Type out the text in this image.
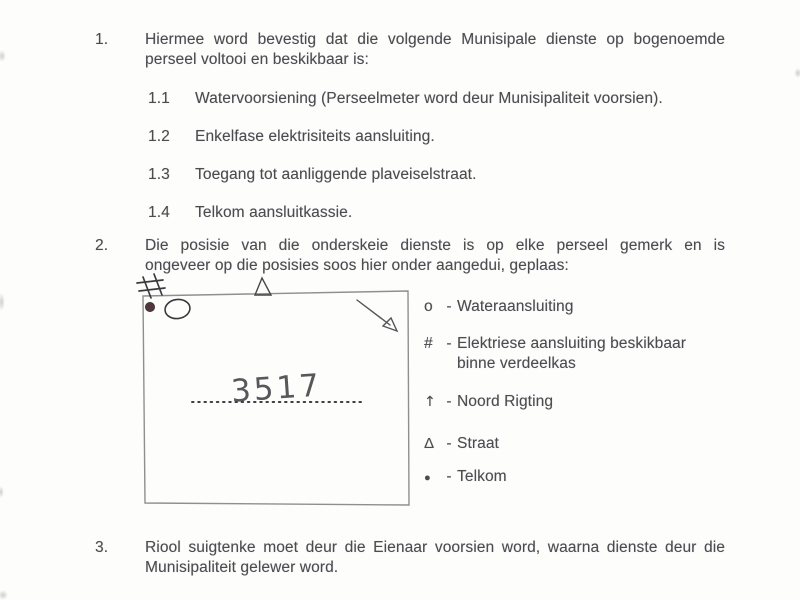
1.	Hiermee word bevestig dat die volgende Munisipale dienste op bogenoemde
perseel voltooi en beskikbaar is:
1.1	Watervoorsiening (Perseelmeter word deur Munisipaliteit voorsien).
1.2	Enkelfase elektrisiteits aansluiting.
1.3	Toegang tot aanliggende plaveiselstraat.
1.4	Telkom aansluitkassie.
2.	Die posisie van die onderskeie dienste is op elke perseel gemerk en is
ongeveer op die posisies soos hier onder aangedui, geplaas:
3517
o - Wateraansluiting
# - Elektriese aansluiting beskikbaar
binne verdeelkas
↑ - Noord Rigting
Δ - Straat
●	- Telkom
3.	Riool suigtenke moet deur die Eienaar voorsien word, waarna dienste deur die
Munisipaliteit gelewer word.
